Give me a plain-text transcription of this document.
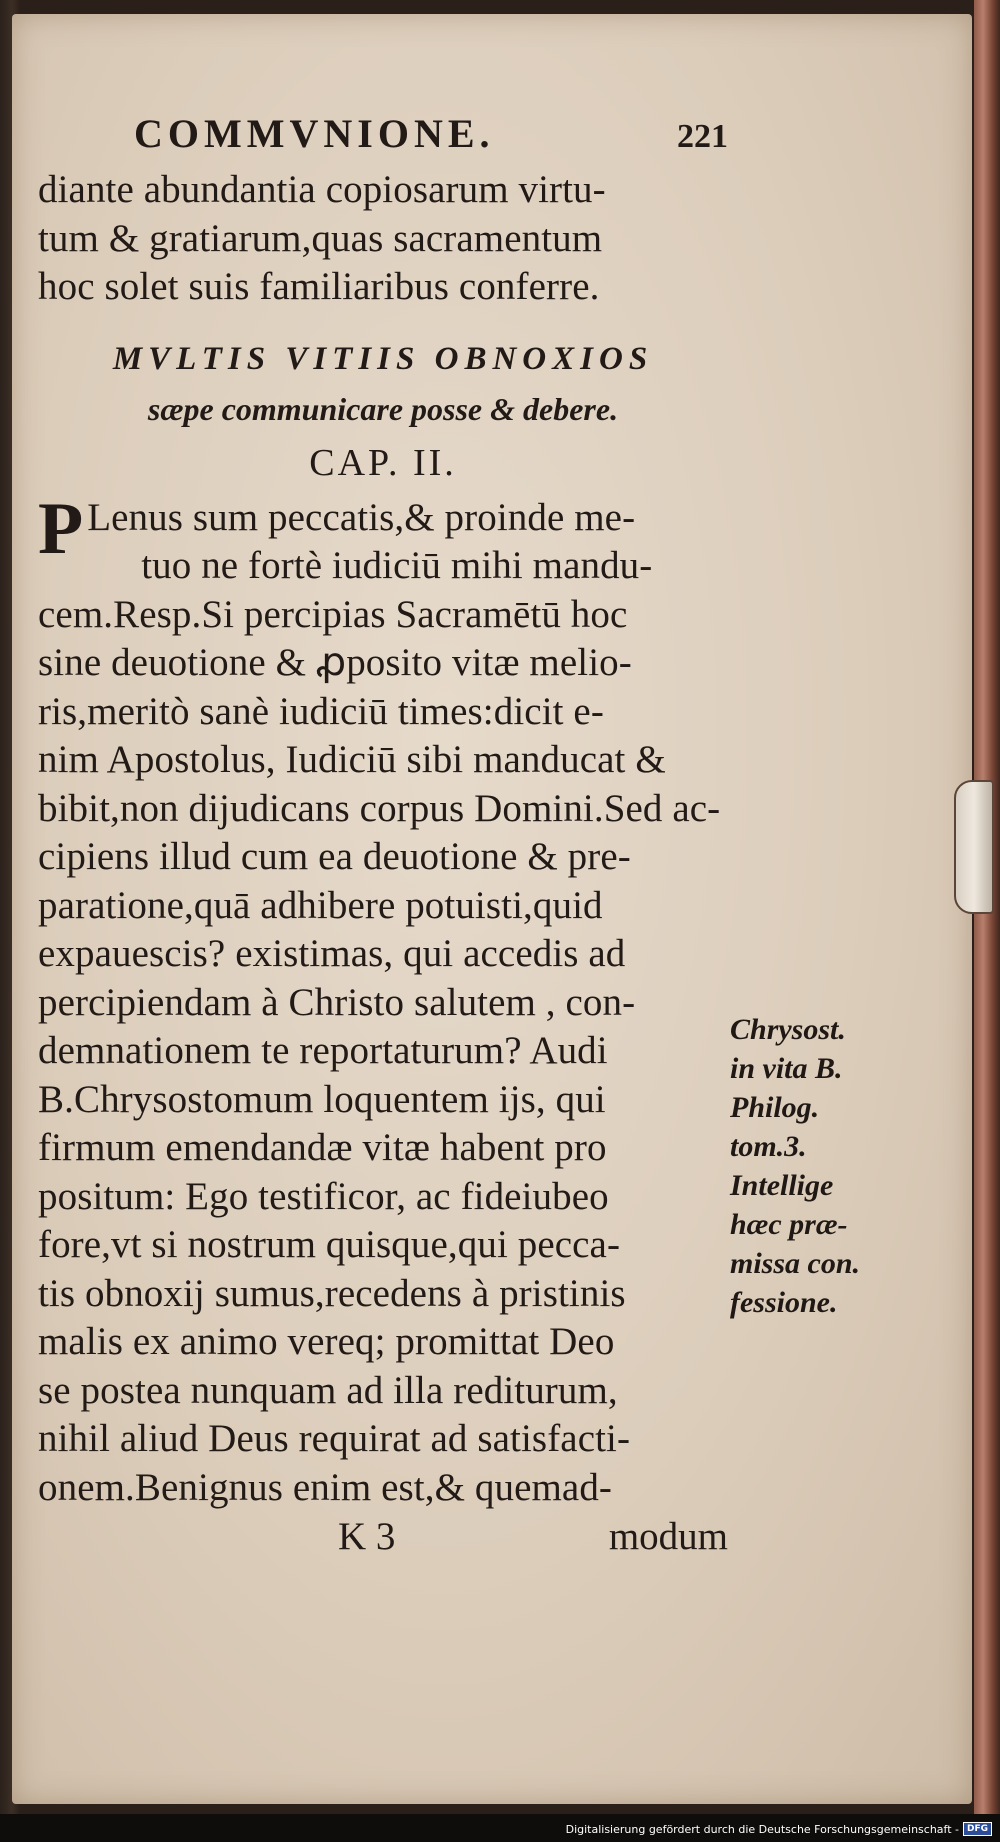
COMMVNIONE.	221
diante abundantia copiosarum virtu-
tum & gratiarum,quas sacramentum
hoc solet suis familiaribus conferre.
MVLTIS VITIIS OBNOXIOS
sæpe communicare posse & debere.
CAP. II.
P Lenus sum peccatis,& proinde me-
tuo ne fortè iudiciū mihi mandu-
cem.Resp.Si percipias Sacramētū hoc
sine deuotione & ꝓposito vitæ melio-
ris,meritò sanè iudiciū times:dicit e-
nim Apostolus, Iudiciū sibi manducat &
bibit,non dijudicans corpus Domini.Sed ac-
cipiens illud cum ea deuotione & pre-
paratione,quā adhibere potuisti,quid
expauescis? existimas, qui accedis ad
percipiendam à Christo salutem , con-
demnationem te reportaturum? Audi
B.Chrysostomum loquentem ijs, qui
firmum emendandæ vitæ habent pro
positum: Ego testificor, ac fideiubeo
fore,vt si nostrum quisque,qui pecca-
tis obnoxij sumus,recedens à pristinis
malis ex animo vereq; promittat Deo
se postea nunquam ad illa rediturum,
nihil aliud Deus requirat ad satisfacti-
onem.Benignus enim est,& quemad-
K 3	modum
Chrysost.
in vita B.
Philog.
tom.3.
Intellige
hæc præ-
missa con.
fessione.
Digitalisierung gefördert durch die Deutsche Forschungsgemeinschaft - DFG
